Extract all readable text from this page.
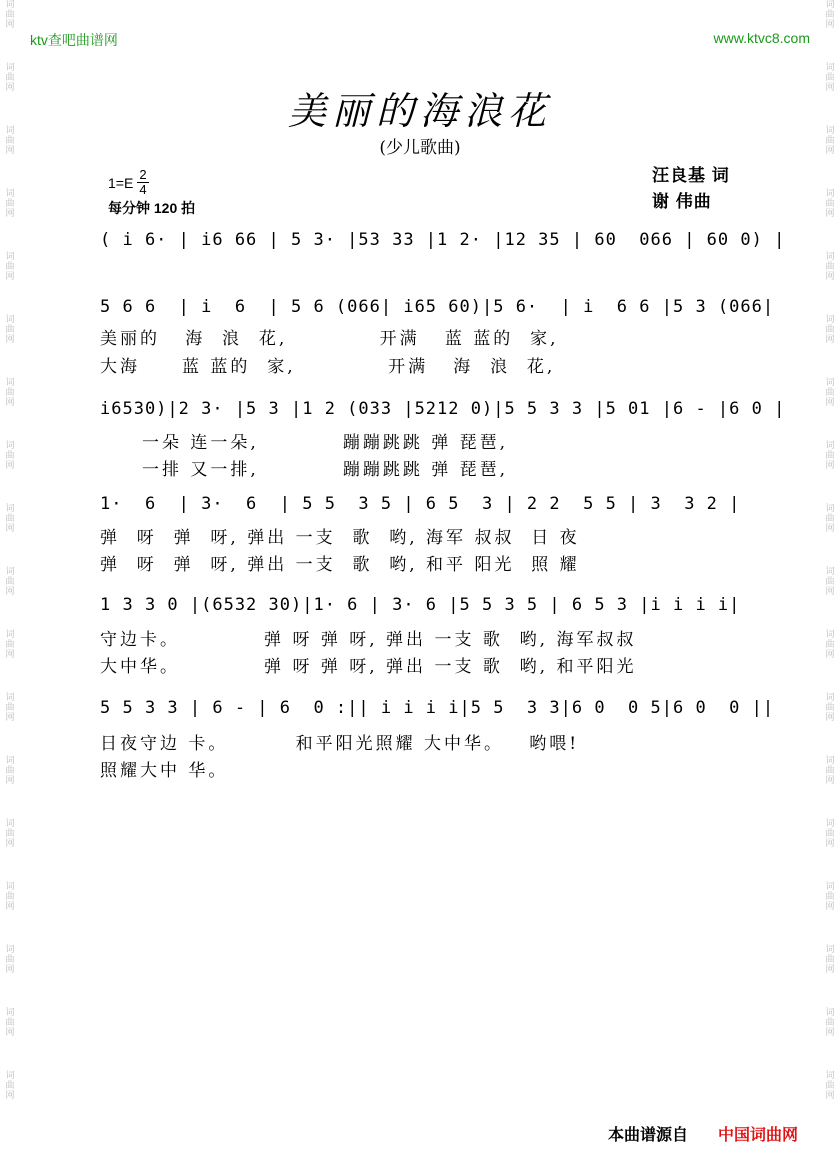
词
曲
网
词
曲
网
词
曲
网
词
曲
网
词
曲
网
词
曲
网
词
曲
网
词
曲
网
词
曲
网
词
曲
网
词
曲
网
词
曲
网
词
曲
网
词
曲
网
词
曲
网
词
曲
网
词
曲
网
词
曲
网
词
曲
网
词
曲
网
词
曲
网
词
曲
网
词
曲
网
词
曲
网
词
曲
网
词
曲
网
词
曲
网
词
曲
网
词
曲
网
词
曲
网
词
曲
网
词
曲
网
词
曲
网
词
曲
网
词
曲
网
词
曲
网
ktv查吧曲谱网	www.ktvc8.com
美丽的海浪花
(少儿歌曲)
$1=E \frac{2}{4}$
每分钟 120 拍
汪良基 词
谢 伟曲
( i 6· | i6 66 | 5 3· |53 33 |1 2· |12 35 | 60  066 | 60 0) |
5 6 6  | i  6  | 5 6 (066| i65 60)|5 6·  | i  6 6 |5 3 (066|
美丽的   海  浪  花,           开满   蓝 蓝的  家,
大海     蓝 蓝的  家,           开满   海  浪  花,
i6530)|2 3· |5 3 |1 2 (033 |5212 0)|5 5 3 3 |5 01 |6 - |6 0 |
一朵 连一朵,          蹦蹦跳跳 弹 琵琶,
一排 又一排,          蹦蹦跳跳 弹 琵琶,
1·  6  | 3·  6  | 5 5  3 5 | 6 5  3 | 2 2  5 5 | 3  3 2 |
弹  呀  弹  呀, 弹出 一支  歌  哟, 海军 叔叔  日 夜
弹  呀  弹  呀, 弹出 一支  歌  哟, 和平 阳光  照 耀
1 3 3 0 |(6532 30)|1· 6 | 3· 6 |5 5 3 5 | 6 5 3 |i i i i|
守边卡。          弹 呀 弹 呀, 弹出 一支 歌  哟, 海军叔叔
大中华。          弹 呀 弹 呀, 弹出 一支 歌  哟, 和平阳光
5 5 3 3 | 6 - | 6  0 :|| i i i i|5 5  3 3|6 0  0 5|6 0  0 ||
日夜守边 卡。        和平阳光照耀 大中华。   哟喂!
照耀大中 华。
本曲谱源自 中国词曲网
